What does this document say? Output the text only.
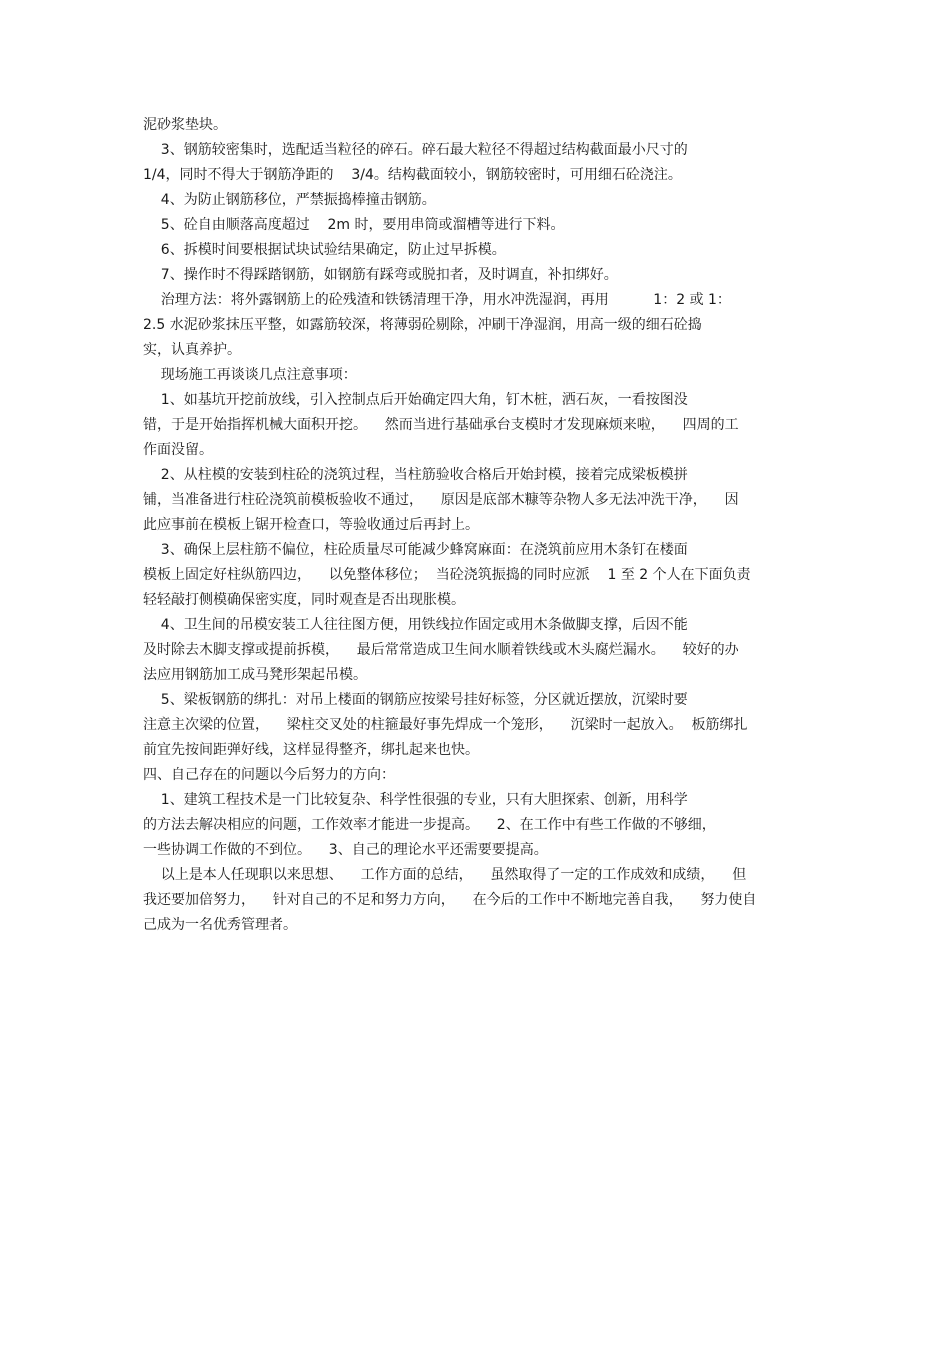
泥砂浆垫块。
3、钢筋较密集时，选配适当粒径的碎石。碎石最大粒径不得超过结构截面最小尺寸的
1/4，同时不得大于钢筋净距的    3/4。结构截面较小，钢筋较密时，可用细石砼浇注。
4、为防止钢筋移位，严禁振捣棒撞击钢筋。
5、砼自由顺落高度超过    2m 时，要用串筒或溜槽等进行下料。
6、拆模时间要根据试块试验结果确定，防止过早拆模。
7、操作时不得踩踏钢筋，如钢筋有踩弯或脱扣者，及时调直，补扣绑好。
治理方法：将外露钢筋上的砼残渣和铁锈清理干净，用水冲洗湿润，再用          1：2 或 1：
2.5 水泥砂浆抹压平整，如露筋较深，将薄弱砼剔除，冲刷干净湿润，用高一级的细石砼捣
实，认真养护。
现场施工再谈谈几点注意事项：
1、如基坑开挖前放线，引入控制点后开始确定四大角，钉木桩，洒石灰，一看按图没
错，于是开始指挥机械大面积开挖。    然而当进行基础承台支模时才发现麻烦来啦，    四周的工
作面没留。
2、从柱模的安装到柱砼的浇筑过程，当柱筋验收合格后开始封模，接着完成梁板模拼
铺，当准备进行柱砼浇筑前模板验收不通过，    原因是底部木糠等杂物人多无法冲洗干净，    因
此应事前在模板上锯开检查口，等验收通过后再封上。
3、确保上层柱筋不偏位，柱砼质量尽可能减少蜂窝麻面：在浇筑前应用木条钉在楼面
模板上固定好柱纵筋四边，    以免整体移位；  当砼浇筑振捣的同时应派    1 至 2 个人在下面负责
轻轻敲打侧模确保密实度，同时观查是否出现胀模。
4、卫生间的吊模安装工人往往图方便，用铁线拉作固定或用木条做脚支撑，后因不能
及时除去木脚支撑或提前拆模，    最后常常造成卫生间水顺着铁线或木头腐烂漏水。    较好的办
法应用钢筋加工成马凳形架起吊模。
5、梁板钢筋的绑扎：对吊上楼面的钢筋应按梁号挂好标签，分区就近摆放，沉梁时要
注意主次梁的位置，    梁柱交叉处的柱箍最好事先焊成一个笼形，    沉梁时一起放入。  板筋绑扎
前宜先按间距弹好线，这样显得整齐，绑扎起来也快。
四、自己存在的问题以今后努力的方向：
1、建筑工程技术是一门比较复杂、科学性很强的专业，只有大胆探索、创新，用科学
的方法去解决相应的问题，工作效率才能进一步提高。    2、在工作中有些工作做的不够细，
一些协调工作做的不到位。    3、自己的理论水平还需要要提高。
以上是本人任现职以来思想、    工作方面的总结，    虽然取得了一定的工作成效和成绩，    但
我还要加倍努力，    针对自己的不足和努力方向，    在今后的工作中不断地完善自我，    努力使自
己成为一名优秀管理者。
